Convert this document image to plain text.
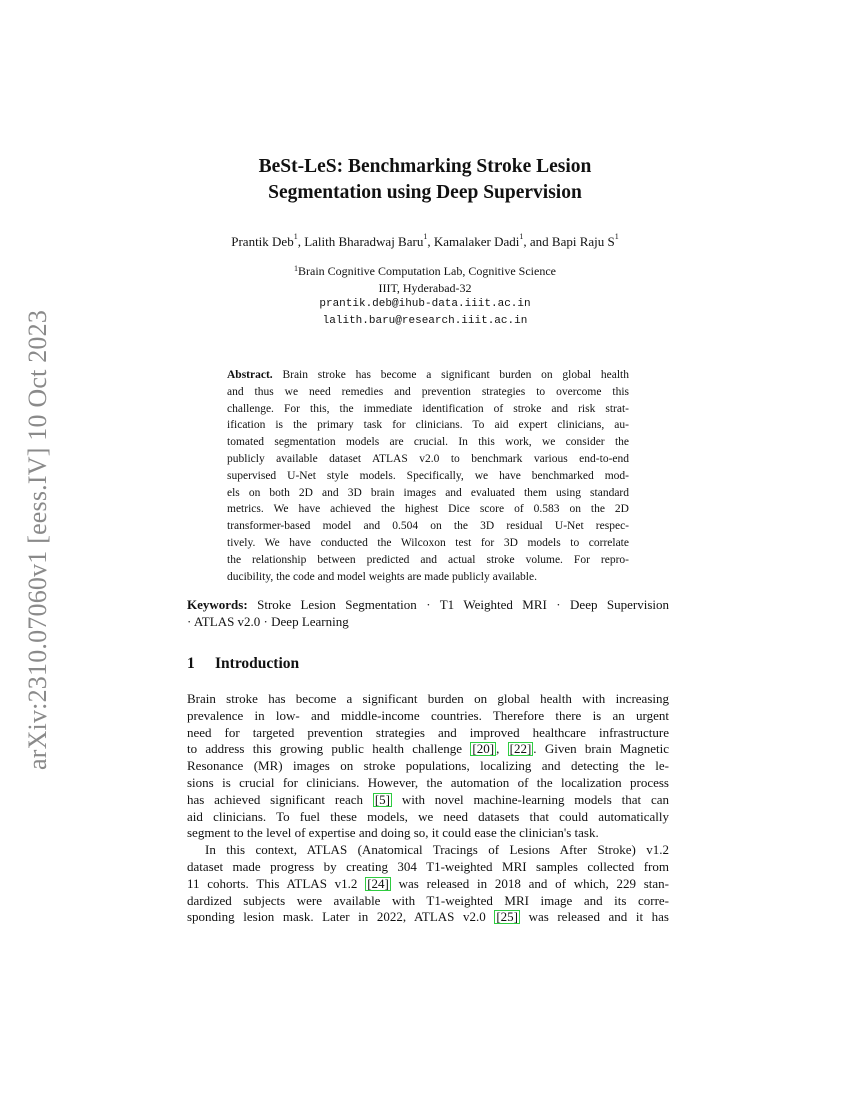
arXiv:2310.07060v1 [eess.IV] 10 Oct 2023
BeSt-LeS: Benchmarking Stroke Lesion
Segmentation using Deep Supervision
Prantik Deb$^1$, Lalith Bharadwaj Baru$^1$, Kamalaker Dadi$^1$, and Bapi Raju $S^1$
$^1$Brain Cognitive Computation Lab, Cognitive Science
IIIT, Hyderabad-32
prantik.deb@ihub-data.iiit.ac.in
lalith.baru@research.iiit.ac.in
Abstract. Brain stroke has become a significant burden on global health
and thus we need remedies and prevention strategies to overcome this
challenge. For this, the immediate identification of stroke and risk strat-
ification is the primary task for clinicians. To aid expert clinicians, au-
tomated segmentation models are crucial. In this work, we consider the
publicly available dataset ATLAS v2.0 to benchmark various end-to-end
supervised U-Net style models. Specifically, we have benchmarked mod-
els on both 2D and 3D brain images and evaluated them using standard
metrics. We have achieved the highest Dice score of 0.583 on the 2D
transformer-based model and 0.504 on the 3D residual U-Net respec-
tively. We have conducted the Wilcoxon test for 3D models to correlate
the relationship between predicted and actual stroke volume. For repro-
ducibility, the code and model weights are made publicly available.
Keywords: Stroke Lesion Segmentation · T1 Weighted MRI · Deep Supervision
· ATLAS v2.0 · Deep Learning
1 Introduction
Brain stroke has become a significant burden on global health with increasing
prevalence in low- and middle-income countries. Therefore there is an urgent
need for targeted prevention strategies and improved healthcare infrastructure
to address this growing public health challenge [20] , [22] . Given brain Magnetic
Resonance (MR) images on stroke populations, localizing and detecting the le-
sions is crucial for clinicians. However, the automation of the localization process
has achieved significant reach [5] with novel machine-learning models that can
aid clinicians. To fuel these models, we need datasets that could automatically
segment to the level of expertise and doing so, it could ease the clinician's task.
In this context, ATLAS (Anatomical Tracings of Lesions After Stroke) v1.2
dataset made progress by creating 304 T1-weighted MRI samples collected from
11 cohorts. This ATLAS v1.2 [24] was released in 2018 and of which, 229 stan-
dardized subjects were available with T1-weighted MRI image and its corre-
sponding lesion mask. Later in 2022, ATLAS v2.0 [25] was released and it has
